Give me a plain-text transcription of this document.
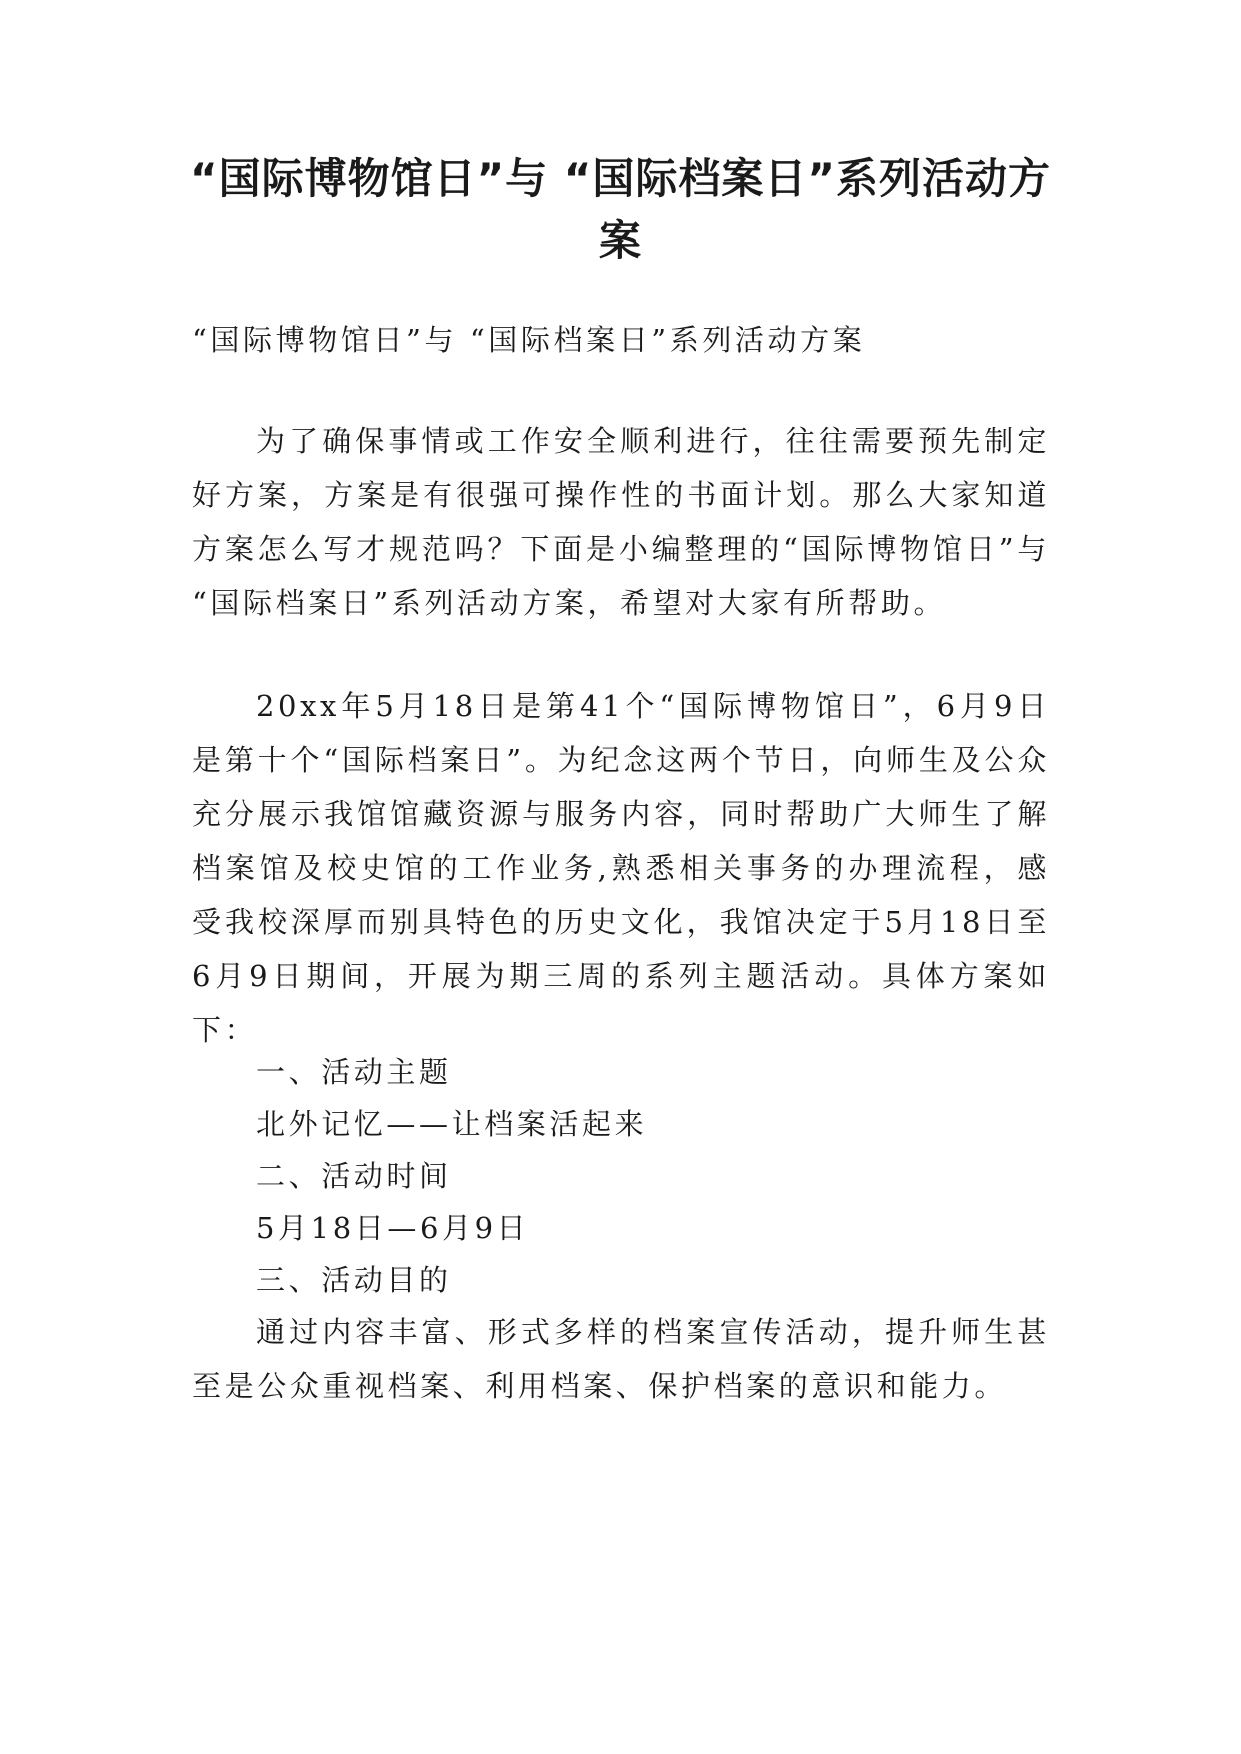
“国际博物馆日”与 “国际档案日”系列活动方案

“国际博物馆日”与 “国际档案日”系列活动方案

为了确保事情或工作安全顺利进行，往往需要预先制定好方案，方案是有很强可操作性的书面计划。那么大家知道方案怎么写才规范吗？下面是小编整理的“国际博物馆日”与 “国际档案日”系列活动方案，希望对大家有所帮助。

20xx年5月18日是第41个“国际博物馆日”，6月9日是第十个“国际档案日”。为纪念这两个节日，向师生及公众充分展示我馆馆藏资源与服务内容，同时帮助广大师生了解档案馆及校史馆的工作业务,熟悉相关事务的办理流程，感受我校深厚而别具特色的历史文化，我馆决定于5月18日至6月9日期间，开展为期三周的系列主题活动。具体方案如下：

一、活动主题

北外记忆——让档案活起来

二、活动时间

5月18日—6月9日

三、活动目的

通过内容丰富、形式多样的档案宣传活动，提升师生甚至是公众重视档案、利用档案、保护档案的意识和能力。
